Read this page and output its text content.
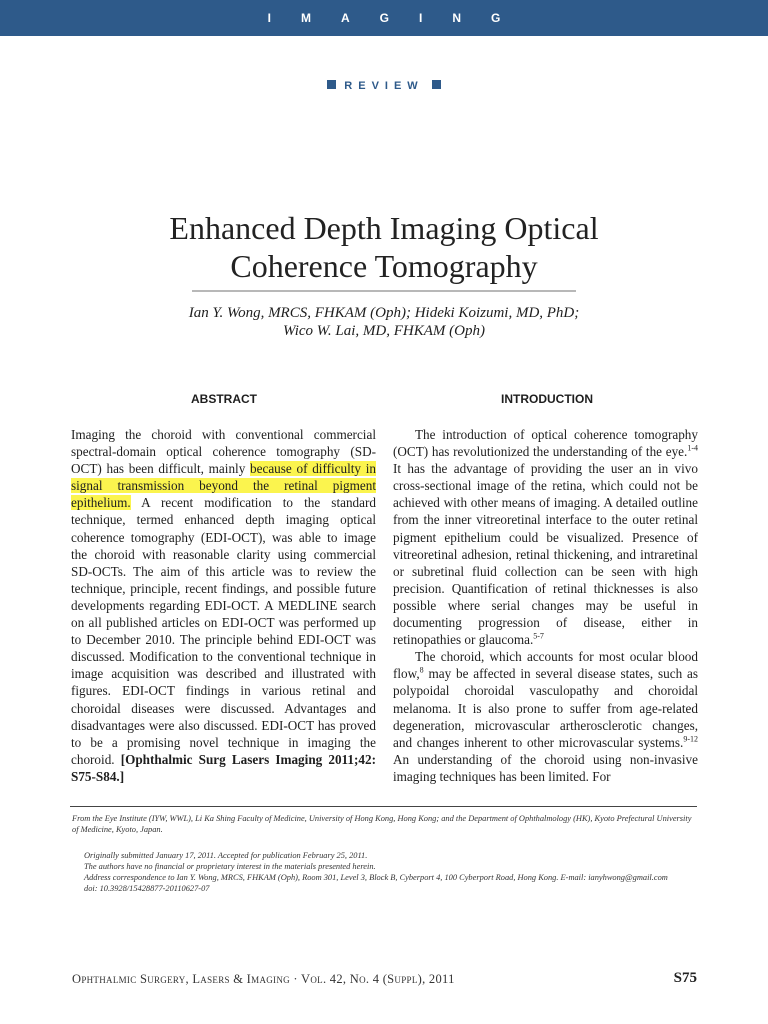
IMAGING
REVIEW
Enhanced Depth Imaging Optical
Coherence Tomography
Ian Y. Wong, MRCS, FHKAM (Oph); Hideki Koizumi, MD, PhD;
Wico W. Lai, MD, FHKAM (Oph)
ABSTRACT	INTRODUCTION

Imaging the choroid with conventional commercial spectral-domain optical coherence tomography (SD-OCT) has been difficult, mainly because of difficulty in signal transmission beyond the retinal pigment epithelium. A recent modification to the standard technique, termed enhanced depth imaging optical coherence tomography (EDI-OCT), was able to image the choroid with reasonable clarity using commercial SD-OCTs. The aim of this article was to review the technique, principle, recent findings, and possible future developments regarding EDI-OCT. A MEDLINE search on all published articles on EDI-OCT was performed up to December 2010. The principle behind EDI-OCT was discussed. Modification to the conventional technique in image acquisition was described and illustrated with figures. EDI-OCT findings in various retinal and choroidal diseases were discussed. Advantages and disadvantages were also discussed. EDI-OCT has proved to be a promising novel technique in imaging the choroid. [Ophthalmic Surg Lasers Imaging 2011;42: S75-S84.]

The introduction of optical coherence tomography (OCT) has revolutionized the understanding of the eye.$^{1-4}$ It has the advantage of providing the user an in vivo cross-sectional image of the retina, which could not be achieved with other means of imaging. A detailed outline from the inner vitreoretinal interface to the outer retinal pigment epithelium could be visualized. Presence of vitreoretinal adhesion, retinal thickening, and intraretinal or subretinal fluid collection can be seen with high precision. Quantification of retinal thicknesses is also possible where serial changes may be useful in documenting progression of disease, either in retinopathies or glaucoma.$^{5-7}$

The choroid, which accounts for most ocular blood flow,$^8$ may be affected in several disease states, such as polypoidal choroidal vasculopathy and choroidal melanoma. It is also prone to suffer from age-related degeneration, microvascular artherosclerotic changes, and changes inherent to other microvascular systems.$^{9-12}$ An understanding of the choroid using non-invasive imaging techniques has been limited. For

From the Eye Institute (IYW, WWL), Li Ka Shing Faculty of Medicine, University of Hong Kong, Hong Kong; and the Department of Ophthalmology (HK), Kyoto Prefectural University of Medicine, Kyoto, Japan.
Originally submitted January 17, 2011. Accepted for publication February 25, 2011.
The authors have no financial or proprietary interest in the materials presented herein.
Address correspondence to Ian Y. Wong, MRCS, FHKAM (Oph), Room 301, Level 3, Block B, Cyberport 4, 100 Cyberport Road, Hong Kong. E-mail: ianyhwong@gmail.com
doi: 10.3928/15428877-20110627-07
Ophthalmic Surgery, Lasers & Imaging · Vol. 42, No. 4 (Suppl), 2011	S75
